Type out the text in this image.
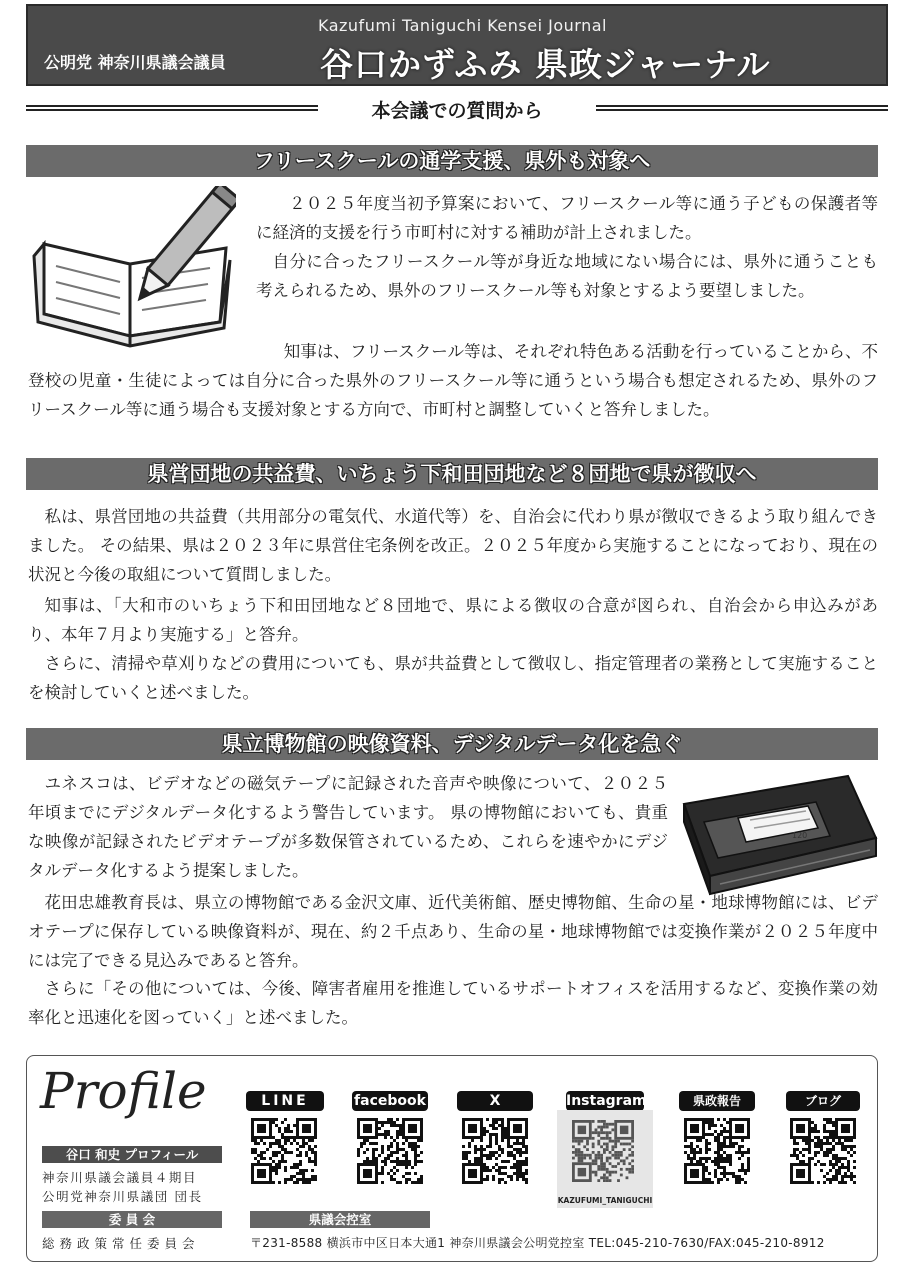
Kazufumi Taniguchi Kensei Journal
公明党 神奈川県議会議員	谷口かずふみ 県政ジャーナル
本会議での質問から
フリースクールの通学支援、県外も対象へ

２０２５年度当初予算案において、フリースクール等に通う子どもの保護者等に経済的支援を行う市町村に対する補助が計上されました。

自分に合ったフリースクール等が身近な地域にない場合には、県外に通うことも考えられるため、県外のフリースクール等も対象とするよう要望しました。

知事は、フリースクール等は、それぞれ特色ある活動を行っていることから、不登校の児童・生徒によっては自分に合った県外のフリースクール等に通うという場合も想定されるため、県外のフリースクール等に通う場合も支援対象とする方向で、市町村と調整していくと答弁しました。

県営団地の共益費、いちょう下和田団地など８団地で県が徴収へ

私は、県営団地の共益費（共用部分の電気代、水道代等）を、自治会に代わり県が徴収できるよう取り組んできました。 その結果、県は２０２３年に県営住宅条例を改正。２０２５年度から実施することになっており、現在の状況と今後の取組について質問しました。

知事は、「大和市のいちょう下和田団地など８団地で、県による徴収の合意が図られ、自治会から申込みがあり、本年７月より実施する」と答弁。

さらに、清掃や草刈りなどの費用についても、県が共益費として徴収し、指定管理者の業務として実施することを検討していくと述べました。

県立博物館の映像資料、デジタルデータ化を急ぐ
120

ユネスコは、ビデオなどの磁気テープに記録された音声や映像について、２０２５年頃までにデジタルデータ化するよう警告しています。 県の博物館においても、貴重な映像が記録されたビデオテープが多数保管されているため、これらを速やかにデジタルデータ化するよう提案しました。

花田忠雄教育長は、県立の博物館である金沢文庫、近代美術館、歴史博物館、生命の星・地球博物館には、ビデオテープに保存している映像資料が、現在、約２千点あり、生命の星・地球博物館では変換作業が２０２５年度中には完了できる見込みであると答弁。

さらに「その他については、今後、障害者雇用を推進しているサポートオフィスを活用するなど、変換作業の効率化と迅速化を図っていく」と述べました。

Profile
谷口 和史 プロフィール
神奈川県議会議員４期目
公明党神奈川県議団 団長
委 員 会
総務政策常任委員会
県議会控室
〒231-8588 横浜市中区日本大通1 神奈川県議会公明党控室 TEL:045-210-7630/FAX:045-210-8912
LINE	facebook	X	Instagram	県政報告	ブログ
KAZUFUMI_TANIGUCHI
